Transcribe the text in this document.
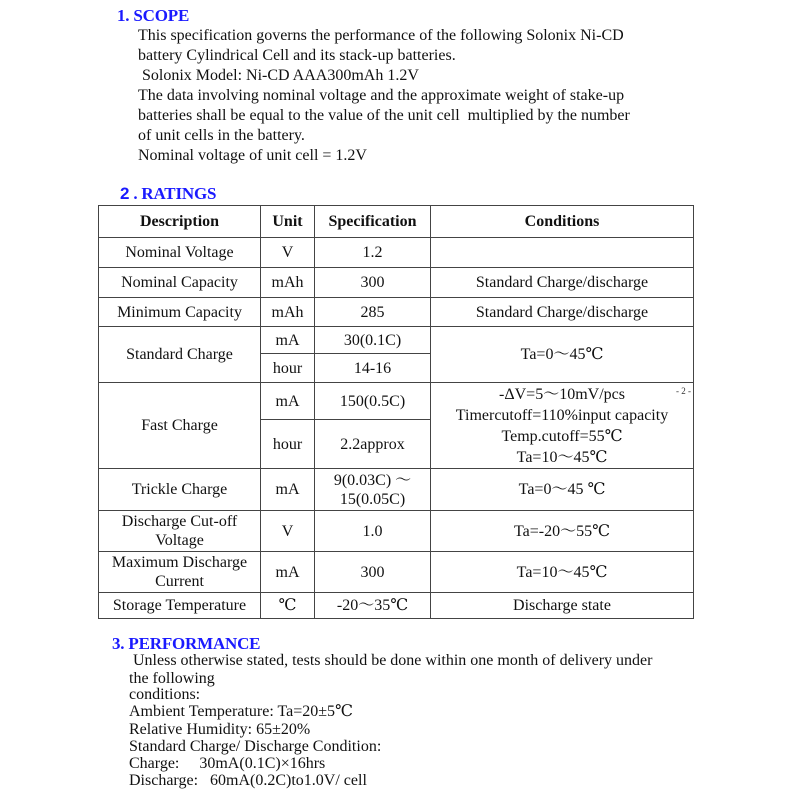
1. SCOPE
This specification governs the performance of the following Solonix Ni-CD
battery Cylindrical Cell and its stack-up batteries.
Solonix Model: Ni-CD AAA300mAh 1.2V
The data involving nominal voltage and the approximate weight of stake-up
batteries shall be equal to the value of the unit cell  multiplied by the number
of unit cells in the battery.
Nominal voltage of unit cell = 1.2V
2 . RATINGS
Description	Unit	Specification	Conditions
Nominal Voltage	V	1.2	
Nominal Capacity	mAh	300	Standard Charge/discharge
Minimum Capacity	mAh	285	Standard Charge/discharge
Standard Charge	mA	30(0.1C)	Ta=0～45℃
	hour	14-16	
Fast Charge	mA	150(0.5C)	-ΔV=5～10mV/pcs
Timercutoff=110%input capacity
Temp.cutoff=55℃
Ta=10～45℃

	hour	2.2approx	
Trickle Charge	mA	9(0.03C) ～
15(0.05C)	Ta=0～45 ℃

Discharge Cut-off
Voltage	V	1.0	Ta=-20～55℃

Maximum Discharge
Current	mA	300	Ta=10～45℃
Storage Temperature	℃	-20～35℃	Discharge state
- 2 -
3. PERFORMANCE
Unless otherwise stated, tests should be done within one month of delivery under
the following
conditions:
Ambient Temperature: Ta=20±5℃
Relative Humidity: 65±20%
Standard Charge/ Discharge Condition:
Charge:     30mA(0.1C)×16hrs
Discharge:   60mA(0.2C)to1.0V/ cell
